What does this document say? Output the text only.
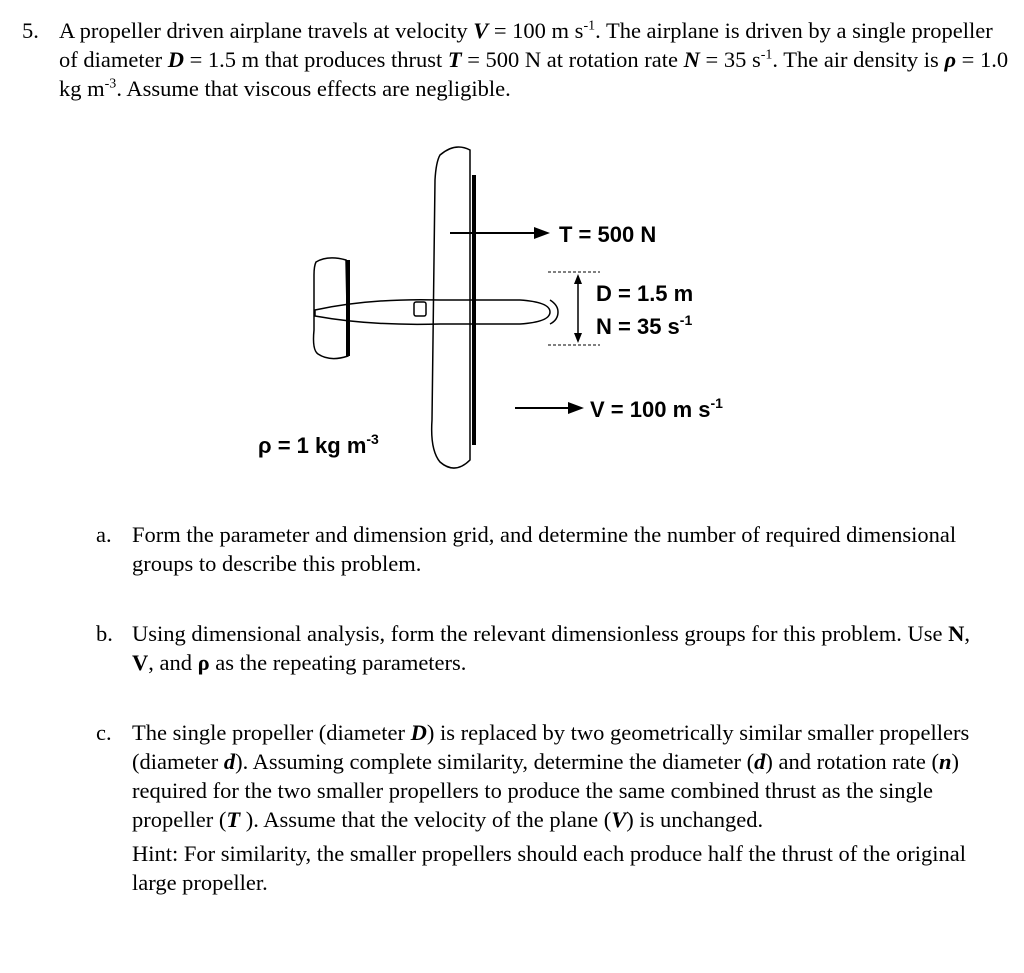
5. A propeller driven airplane travels at velocity V = 100 m $s^{-1}$. The airplane is driven by a single propeller of diameter D = 1.5 m that produces thrust T = 500 N at rotation rate N = 35 $s^{-1}$. The air density is ρ = 1.0 kg $m^{-3}$. Assume that viscous effects are negligible.
T = 500 N
D = 1.5 m
N = 35 $s^{-1}$
V = 100 m $s^{-1}$
ρ = 1 kg $m^{-3}$
a. Form the parameter and dimension grid, and determine the number of required dimensional groups to describe this problem.
b. Using dimensional analysis, form the relevant dimensionless groups for this problem. Use N, V, and ρ as the repeating parameters.
c. The single propeller (diameter D) is replaced by two geometrically similar smaller propellers (diameter d). Assuming complete similarity, determine the diameter (d) and rotation rate (n) required for the two smaller propellers to produce the same combined thrust as the single propeller (T ). Assume that the velocity of the plane (V) is unchanged.
Hint: For similarity, the smaller propellers should each produce half the thrust of the original large propeller.
